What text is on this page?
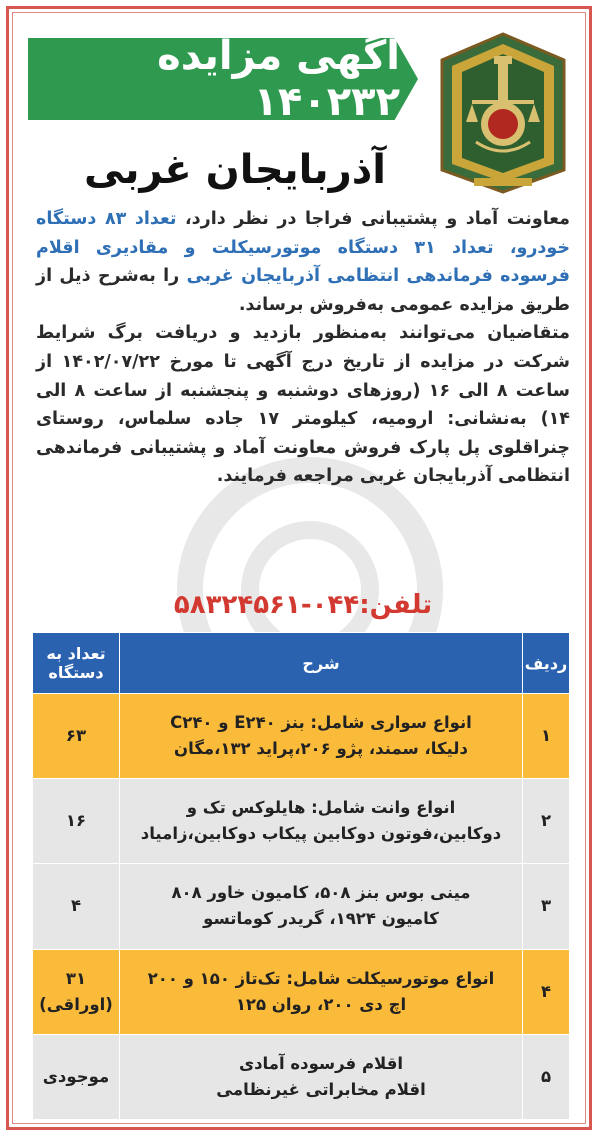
آگهی مزایده ۱۴۰۲۳۲
آذربایجان غربی
معاونت آماد و پشتیبانی فراجا در نظر دارد، تعداد ۸۳ دستگاه خودرو، تعداد ۳۱ دستگاه موتورسیکلت و مقادیری اقلام فرسوده فرماندهی انتظامی آذربایجان غربی را به‌شرح ذیل از طریق مزایده عمومی به‌فروش برساند.
متقاضیان می‌توانند به‌منظور بازدید و دریافت برگ شرایط شرکت در مزایده از تاریخ درج آگهی تا مورخ ۱۴۰۲/۰۷/۲۲ از ساعت ۸ الی ۱۶ (روزهای دوشنبه و پنجشنبه از ساعت ۸ الی ۱۴) به‌نشانی: ارومیه، کیلومتر ۱۷ جاده سلماس، روستای چنراقلوی پل پارک فروش معاونت آماد و پشتیبانی فرماندهی انتظامی آذربایجان غربی مراجعه فرمایند.
تلفن:۰۴۴-۵۸۳۲۴۵۶۱
ردیف	شرح	تعداد به دستگاه
۱	انواع سواری شامل: بنز E۲۴۰ و C۲۴۰
دلیکا، سمند، پژو ۲۰۶،پراید ۱۳۲،مگان	۶۳
۲	انواع وانت شامل: هایلوکس تک و
دوکابین،فوتون دوکابین پیکاب دوکابین،زامیاد	۱۶
۳	مینی بوس بنز ۵۰۸، کامیون خاور ۸۰۸
کامیون ۱۹۲۴، گریدر کوماتسو	۴
۴	انواع موتورسیکلت شامل: تک‌تاز ۱۵۰ و ۲۰۰
اچ دی ۲۰۰، روان ۱۲۵	۳۱ (اوراقی)
۵	اقلام فرسوده آمادی
اقلام مخابراتی غیرنظامی	موجودی
